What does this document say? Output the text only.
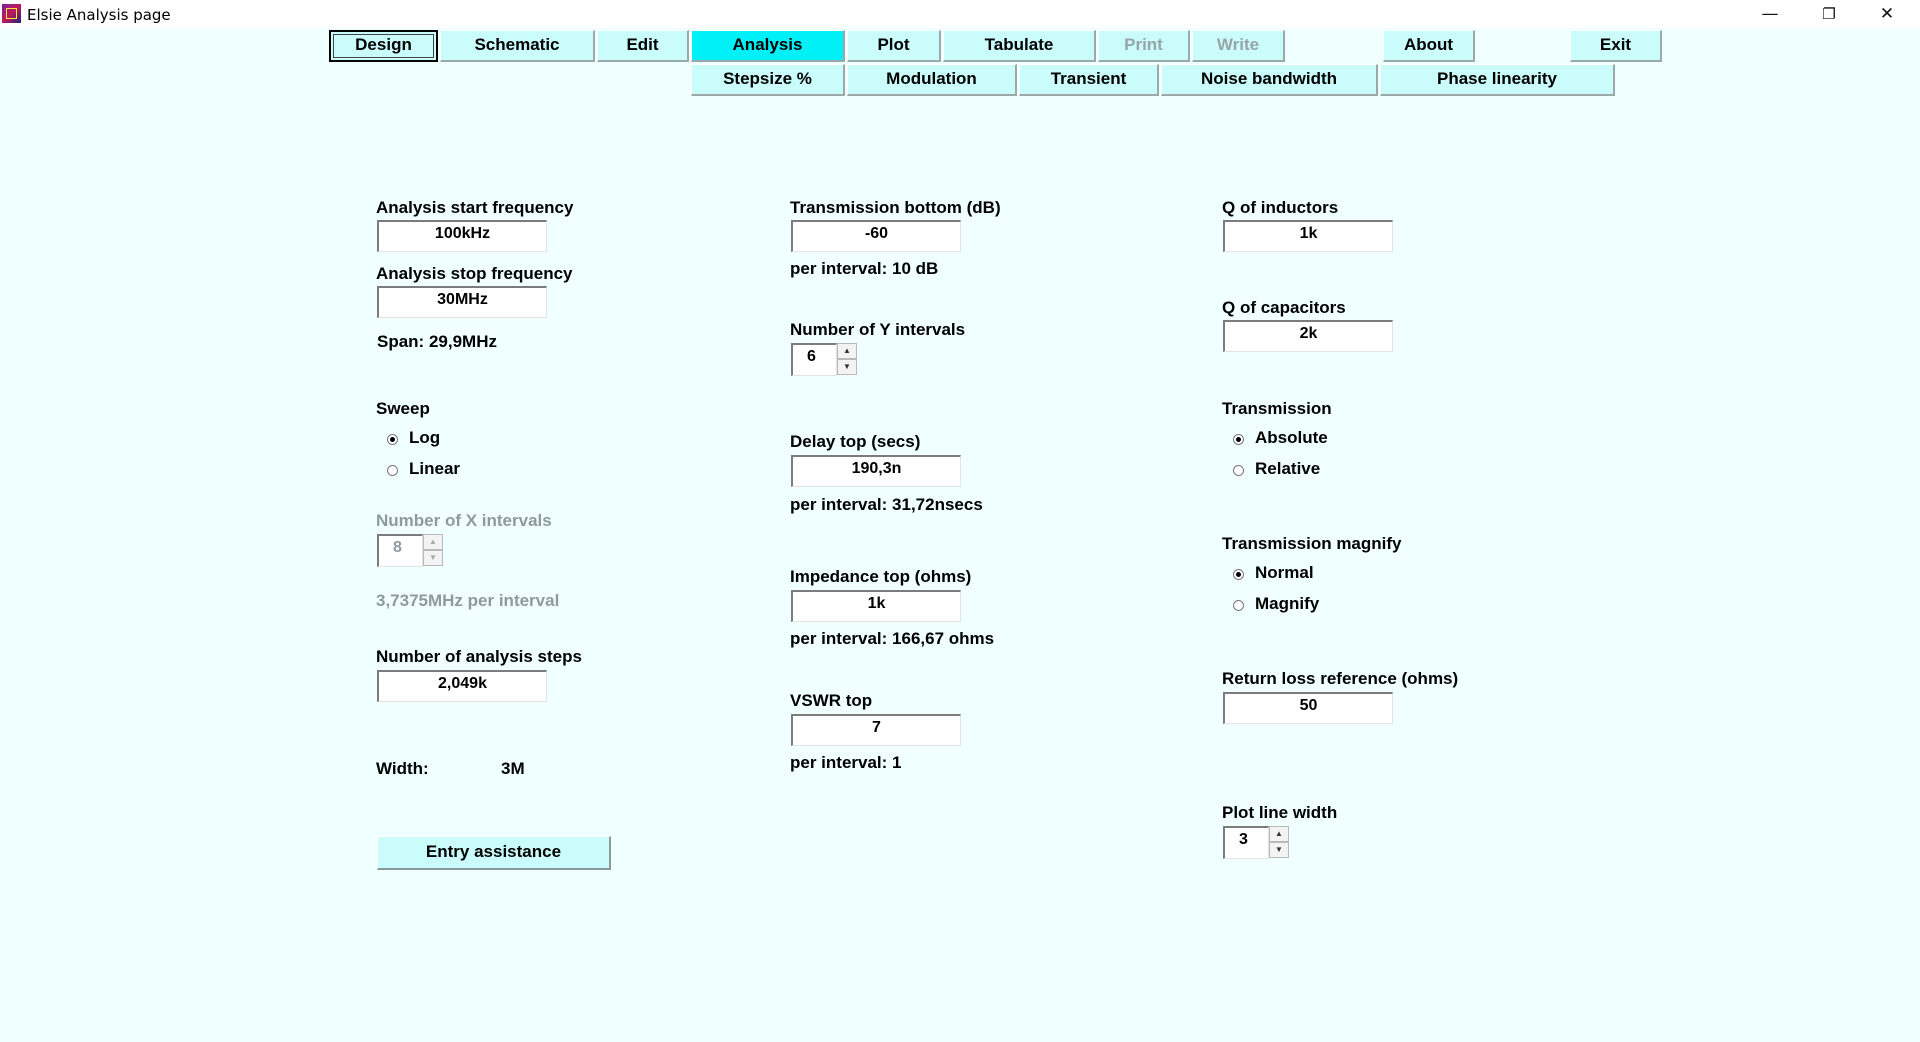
Elsie Analysis page	—	❐	✕
Design	Schematic	Edit	Analysis	Plot	Tabulate	Print	Write	About	Exit
Stepsize %	Modulation	Transient	Noise bandwidth	Phase linearity
Analysis start frequency
100kHz
Analysis stop frequency
30MHz
Span: 29,9MHz
Sweep
Log
Linear
Number of X intervals
8	▲
▼
3,7375MHz per interval
Number of analysis steps
2,049k
Width:	3M
Entry assistance
Transmission bottom (dB)
-60
per interval: 10 dB
Number of Y intervals
6	▲
▼
Delay top (secs)
190,3n
per interval: 31,72nsecs
Impedance top (ohms)
1k
per interval: 166,67 ohms
VSWR top
7
per interval: 1
Q of inductors
1k
Q of capacitors
2k
Transmission
Absolute
Relative
Transmission magnify
Normal
Magnify
Return loss reference (ohms)
50
Plot line width
3	▲
▼
